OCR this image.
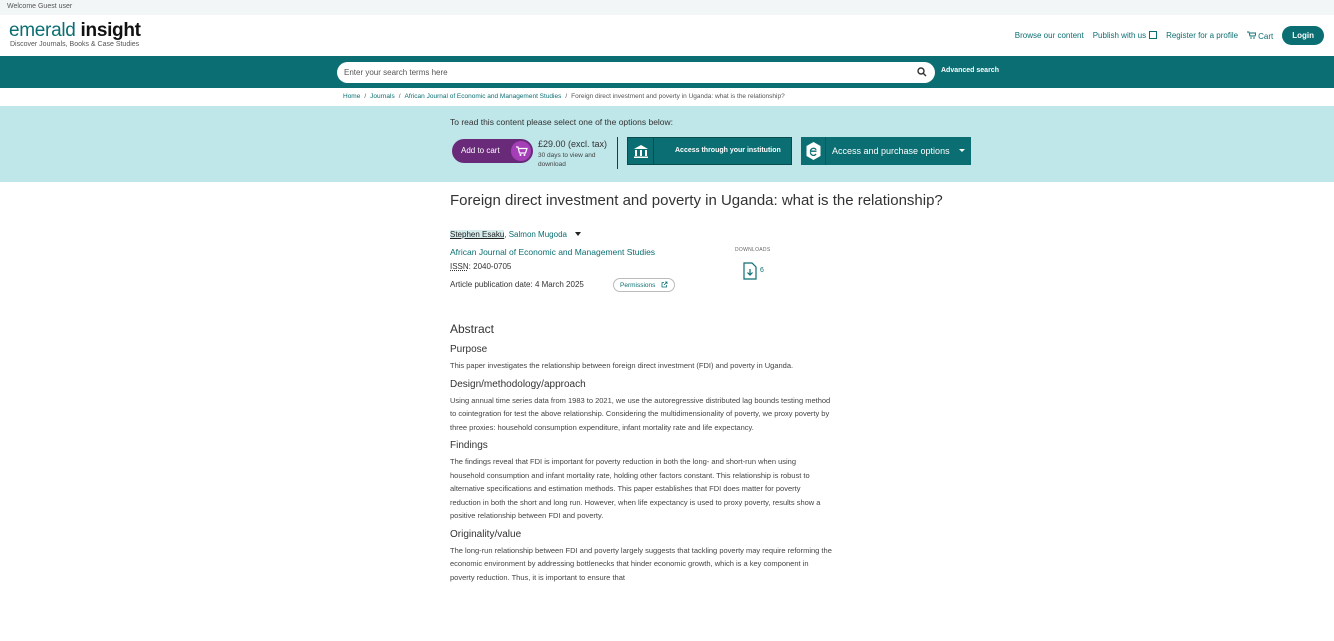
Welcome Guest user
emerald insight
Discover Journals, Books & Case Studies
Browse our content Publish with us	Register for a profile	Cart	Login
Enter your search terms here
Advanced search
Home / Journals / African Journal of Economic and Management Studies / Foreign direct investment and poverty in Uganda: what is the relationship?
To read this content please select one of the options below:
Add to cart
£29.00 (excl. tax)
30 days to view and download
Access through your institution	Access and purchase options
Foreign direct investment and poverty in Uganda: what is the relationship?
Stephen Esaku, Salmon Mugoda
African Journal of Economic and Management Studies
ISSN: 2040-0705
Article publication date: 4 March 2025	Permissions
DOWNLOADS
6
Abstract
Purpose

This paper investigates the relationship between foreign direct investment (FDI) and poverty in Uganda.

Design/methodology/approach

Using annual time series data from 1983 to 2021, we use the autoregressive distributed lag bounds testing method to cointegration for test the above relationship. Considering the multidimensionality of poverty, we proxy poverty by three proxies: household consumption expenditure, infant mortality rate and life expectancy.

Findings

The findings reveal that FDI is important for poverty reduction in both the long- and short-run when using household consumption and infant mortality rate, holding other factors constant. This relationship is robust to alternative specifications and estimation methods. This paper establishes that FDI does matter for poverty reduction in both the short and long run. However, when life expectancy is used to proxy poverty, results show a positive relationship between FDI and poverty.

Originality/value

The long-run relationship between FDI and poverty largely suggests that tackling poverty may require reforming the economic environment by addressing bottlenecks that hinder economic growth, which is a key component in poverty reduction. Thus, it is important to ensure that
